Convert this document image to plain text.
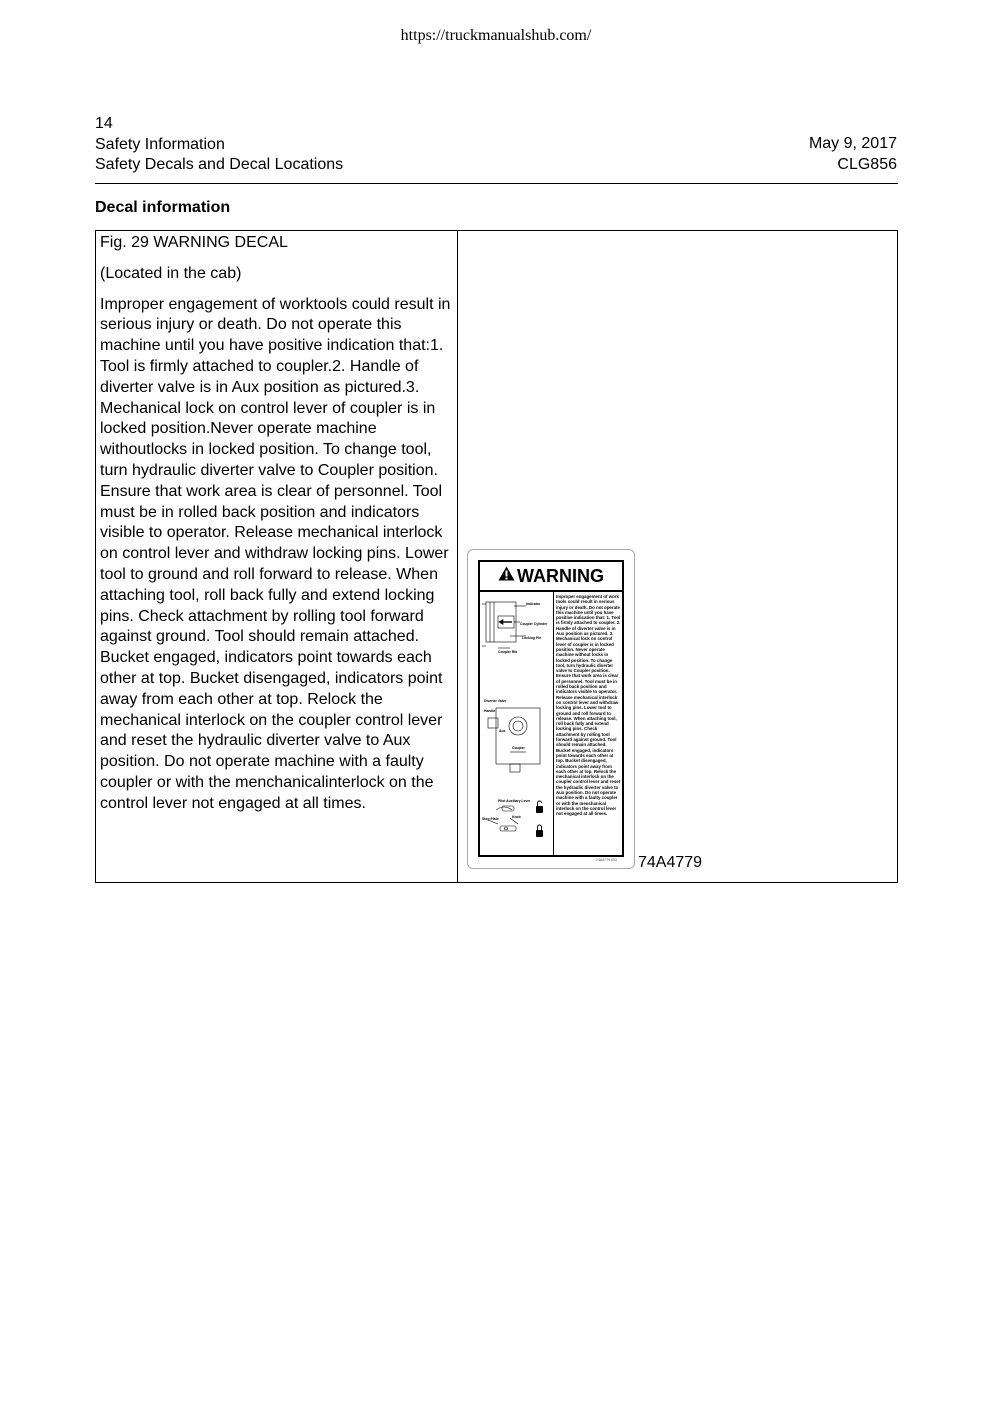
https://truckmanualshub.com/
14
Safety Information
Safety Decals and Decal Locations
May 9, 2017
CLG856
Decal information

Fig. 29 WARNING DECAL

(Located in the cab)

Improper engagement of worktools could result in serious injury or death. Do not operate this machine until you have positive indication that:1. Tool is firmly attached to coupler.2. Handle of diverter valve is in Aux position as pictured.3. Mechanical lock on control lever of coupler is in locked position.Never operate machine withoutlocks in locked position. To change tool, turn hydraulic diverter valve to Coupler position. Ensure that work area is clear of personnel. Tool must be in rolled back position and indicators visible to operator. Release mechanical interlock on control lever and withdraw locking pins. Lower tool to ground and roll forward to release. When attaching tool, roll back fully and extend locking pins. Check attachment by rolling tool forward against ground. Tool should remain attached. Bucket engaged, indicators point towards each other at top. Bucket disengaged, indicators point away from each other at top. Relock the mechanical interlock on the coupler control lever and reset the hydraulic diverter valve to Aux position. Do not operate machine with a faulty coupler or with the menchanicalinterlock on the control lever not engaged at all times.

WARNING
Indicator
Coupler Cylinder
Locking Pin
Coupler Rib
Diverter Valve
Handle
Aux
Coupler
Pilot Auxiliary Lever
Stop Plate	Knob
Improper engagement of work tools could result in serious injury or death. Do not operate this machine until you have positive indication that: 1. Tool is firmly attached to coupler. 2. Handle of diverter valve is in Aux position as pictured. 3. Mechanical lock on control lever of coupler is in locked position. Never operate machine without locks in locked position. To change tool, turn hydraulic diverter valve to Coupler position. Ensure that work area is clear of personnel. Tool must be in rolled back position and indicators visible to operator. Release mechanical interlock on control lever and withdraw locking pins. Lower tool to ground and roll forward to release. When attaching tool, roll back fully and extend locking pins. Check attachment by rolling tool forward against ground. Tool should remain attached. Bucket engaged, indicators point towards each other at top. Bucket disengaged, indicators point away from each other at top. Relock the mechanical interlock on the coupler control lever and reset the hydraulic diverter valve to Aux position. Do not operate machine with a faulty coupler or with the menchanical interlock on the control lever not engaged at all times.
74A4779-ISO 74A4779
